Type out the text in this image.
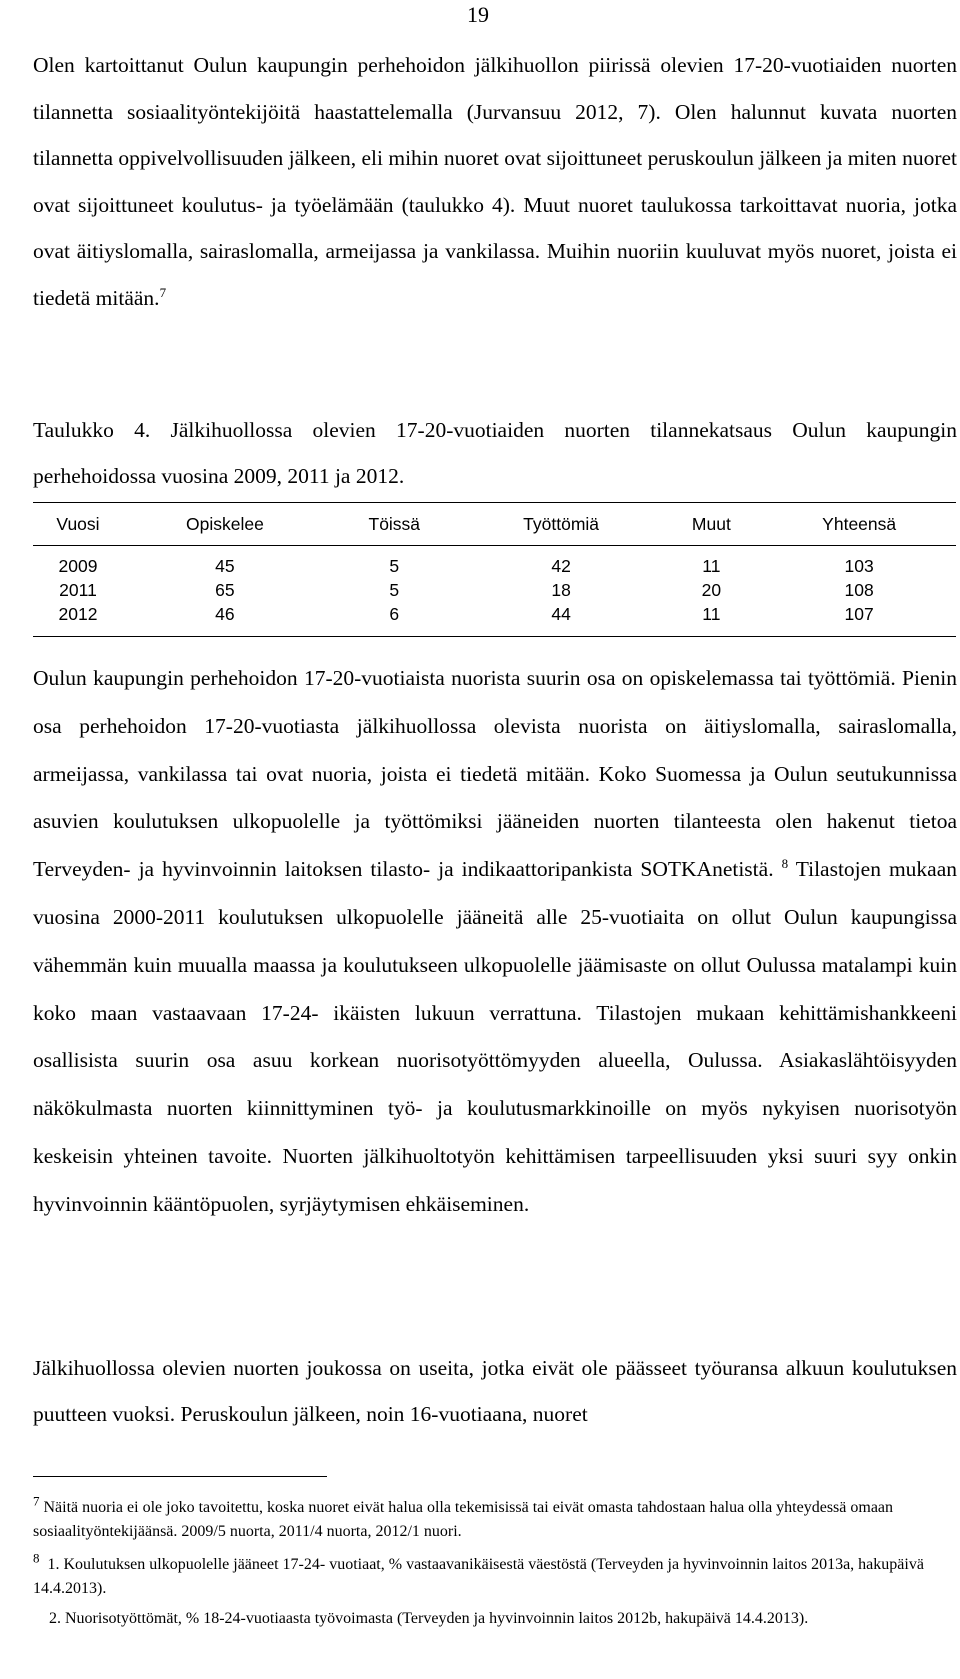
19

Olen kartoittanut Oulun kaupungin perhehoidon jälkihuollon piirissä olevien 17-20-vuotiaiden nuorten tilannetta sosiaalityöntekijöitä haastattelemalla (Jurvansuu 2012, 7). Olen halunnut kuvata nuorten tilannetta oppivelvollisuuden jälkeen, eli mihin nuoret ovat sijoittuneet peruskoulun jälkeen ja miten nuoret ovat sijoittuneet koulutus- ja työelämään (taulukko 4). Muut nuoret taulukossa tarkoittavat nuoria, jotka ovat äitiyslomalla, sairaslomalla, armeijassa ja vankilassa. Muihin nuoriin kuuluvat myös nuoret, joista ei tiedetä mitään.$^7$

Taulukko 4. Jälkihuollossa olevien 17-20-vuotiaiden nuorten tilannekatsaus Oulun kaupungin perhehoidossa vuosina 2009, 2011 ja 2012.

Vuosi	Opiskelee	Töissä	Työttömiä	Muut	Yhteensä
2009	45	5	42	11	103
2011	65	5	18	20	108
2012	46	6	44	11	107

Oulun kaupungin perhehoidon 17-20-vuotiaista nuorista suurin osa on opiskelemassa tai työttömiä. Pienin osa perhehoidon 17-20-vuotiasta jälkihuollossa olevista nuorista on äitiyslomalla, sairaslomalla, armeijassa, vankilassa tai ovat nuoria, joista ei tiedetä mitään. Koko Suomessa ja Oulun seutukunnissa asuvien koulutuksen ulkopuolelle ja työttömiksi jääneiden nuorten tilanteesta olen hakenut tietoa Terveyden- ja hyvinvoinnin laitoksen tilasto- ja indikaattoripankista SOTKAnetistä. $^8$ Tilastojen mukaan vuosina 2000-2011 koulutuksen ulkopuolelle jääneitä alle 25-vuotiaita on ollut Oulun kaupungissa vähemmän kuin muualla maassa ja koulutukseen ulkopuolelle jäämisaste on ollut Oulussa matalampi kuin koko maan vastaavaan 17-24- ikäisten lukuun verrattuna. Tilastojen mukaan kehittämishankkeeni osallisista suurin osa asuu korkean nuorisotyöttömyyden alueella, Oulussa. Asiakaslähtöisyyden näkökulmasta nuorten kiinnittyminen työ- ja koulutusmarkkinoille on myös nykyisen nuorisotyön keskeisin yhteinen tavoite. Nuorten jälkihuoltotyön kehittämisen tarpeellisuuden yksi suuri syy onkin hyvinvoinnin kääntöpuolen, syrjäytymisen ehkäiseminen.

Jälkihuollossa olevien nuorten joukossa on useita, jotka eivät ole päässeet työuransa alkuun koulutuksen puutteen vuoksi. Peruskoulun jälkeen, noin 16-vuotiaana, nuoret

$^7$ Näitä nuoria ei ole joko tavoitettu, koska nuoret eivät halua olla tekemisissä tai eivät omasta tahdostaan halua olla yhteydessä omaan sosiaalityöntekijäänsä. 2009/5 nuorta, 2011/4 nuorta, 2012/1 nuori.

$^8$ 1. Koulutuksen ulkopuolelle jääneet 17-24- vuotiaat, % vastaavanikäisestä väestöstä (Terveyden ja hyvinvoinnin laitos 2013a, hakupäivä 14.4.2013).

2. Nuorisotyöttömät, % 18-24-vuotiaasta työvoimasta (Terveyden ja hyvinvoinnin laitos 2012b, hakupäivä 14.4.2013).
